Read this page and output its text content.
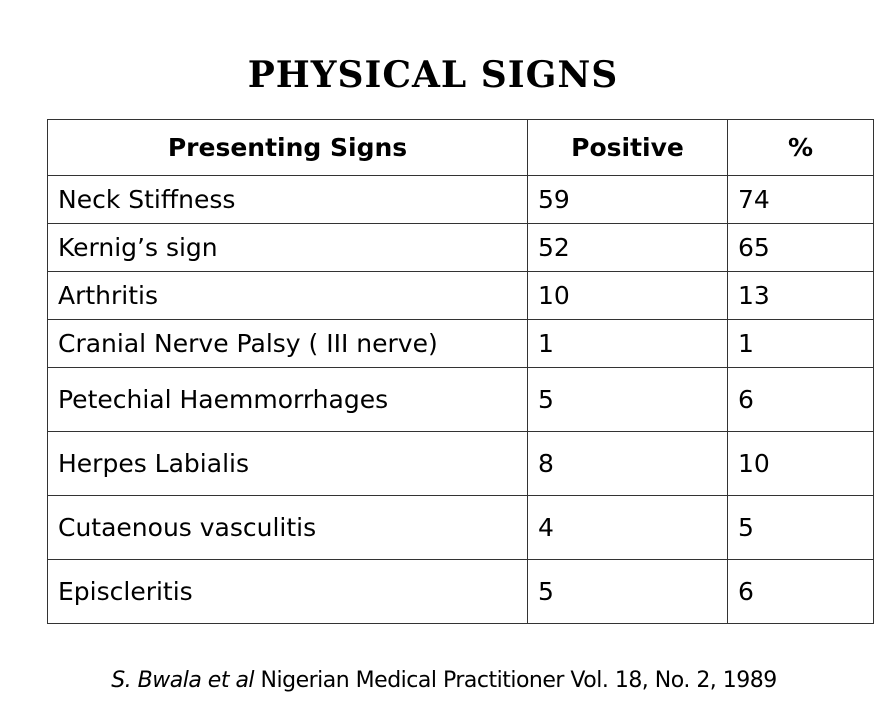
PHYSICAL SIGNS
Presenting Signs	Positive	%
Neck Stiffness	59	74
Kernig’s sign	52	65
Arthritis	10	13
Cranial Nerve Palsy ( III nerve)	1	1
Petechial Haemmorrhages	5	6
Herpes Labialis	8	10
Cutaenous vasculitis	4	5
Episcleritis	5	6
S. Bwala et al Nigerian Medical Practitioner Vol. 18, No. 2, 1989
